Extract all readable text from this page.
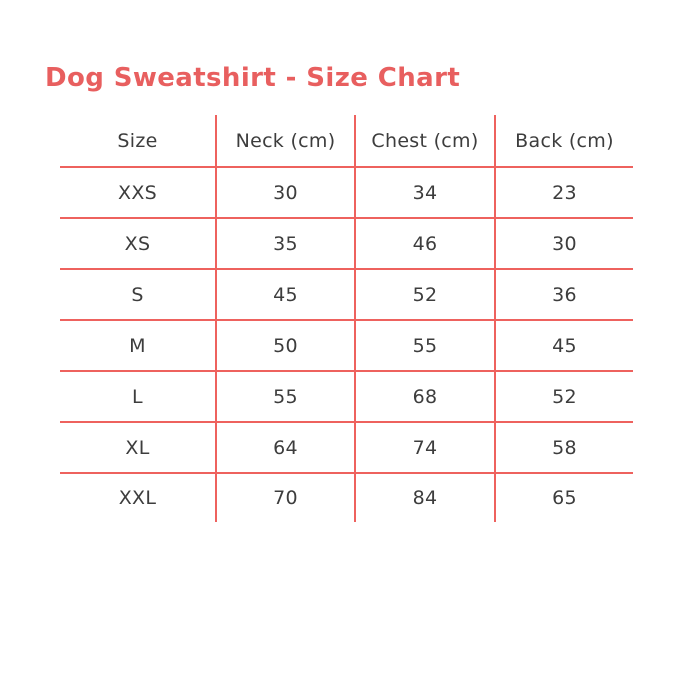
Dog Sweatshirt - Size Chart
Size	Neck (cm)	Chest (cm)	Back (cm)
XXS	30	34	23
XS	35	46	30
S	45	52	36
M	50	55	45
L	55	68	52
XL	64	74	58
XXL	70	84	65
